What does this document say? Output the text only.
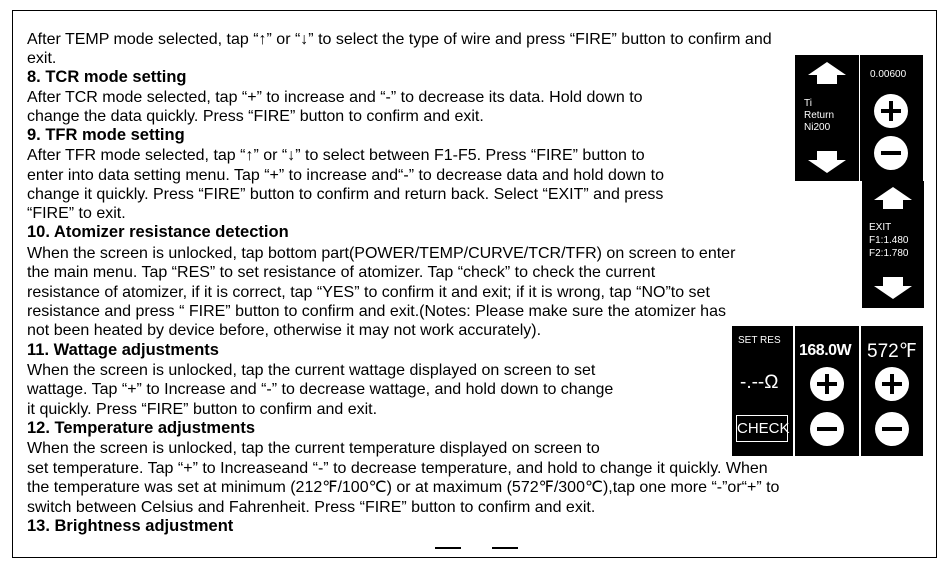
After TEMP mode selected, tap “↑” or “↓” to select the type of wire and press “FIRE” button to confirm and
exit.
8. TCR mode setting
After TCR mode selected, tap “+” to increase and “-” to decrease its data. Hold down to
change the data quickly. Press “FIRE” button to confirm and exit.
9. TFR mode setting
After TFR mode selected, tap “↑” or “↓” to select between F1-F5. Press “FIRE” button to
enter into data setting menu. Tap “+” to increase and“-” to decrease data and hold down to
change it quickly. Press “FIRE” button to confirm and return back. Select “EXIT” and press
“FIRE” to exit.
10. Atomizer resistance detection
When the screen is unlocked, tap bottom part(POWER/TEMP/CURVE/TCR/TFR) on screen to enter
the main menu. Tap “RES” to set resistance of atomizer. Tap “check” to check the current
resistance of atomizer, if it is correct, tap “YES” to confirm it and exit; if it is wrong, tap “NO”to set
resistance and press “ FIRE” button to confirm and exit.(Notes: Please make sure the atomizer has
not been heated by device before, otherwise it may not work accurately).
11. Wattage adjustments
When the screen is unlocked, tap the current wattage displayed on screen to set
wattage. Tap “+” to Increase and “-” to decrease wattage, and hold down to change
it quickly. Press “FIRE” button to confirm and exit.
12. Temperature adjustments
When the screen is unlocked, tap the current temperature displayed on screen to
set temperature. Tap “+” to Increaseand “-” to decrease temperature, and hold to change it quickly. When
the temperature was set at minimum (212℉/100℃) or at maximum (572℉/300℃),tap one more “-”or“+” to
switch between Celsius and Fahrenheit. Press “FIRE” button to confirm and exit.
13. Brightness adjustment
Ti
Return
Ni200
0.00600
EXIT
F1:1.480
F2:1.780
SET RES
-.--Ω
CHECK
168.0W 572℉
